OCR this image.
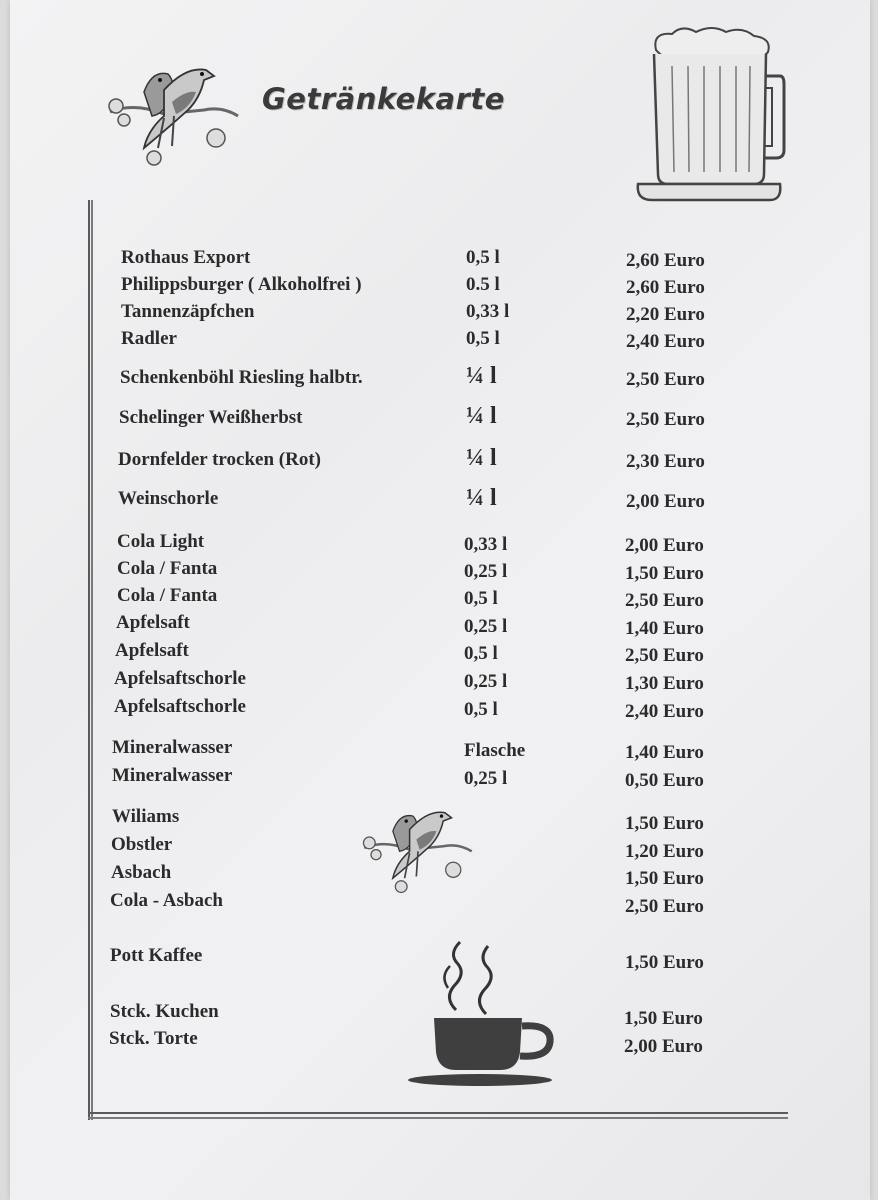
Getränkekarte
Rothaus Export	0,5 l	2,60 Euro
Philippsburger ( Alkoholfrei )	0.5 l	2,60 Euro
Tannenzäpfchen	0,33 l	2,20 Euro
Radler	0,5 l	2,40 Euro
Schenkenböhl Riesling halbtr.	¼ l	2,50 Euro
Schelinger Weißherbst	¼ l	2,50 Euro
Dornfelder trocken (Rot)	¼ l	2,30 Euro
Weinschorle	¼ l	2,00 Euro
Cola Light	0,33 l	2,00 Euro
Cola / Fanta	0,25 l	1,50 Euro
Cola / Fanta	0,5 l	2,50 Euro
Apfelsaft	0,25 l	1,40 Euro
Apfelsaft	0,5 l	2,50 Euro
Apfelsaftschorle	0,25 l	1,30 Euro
Apfelsaftschorle	0,5 l	2,40 Euro
Mineralwasser	Flasche	1,40 Euro
Mineralwasser	0,25 l	0,50 Euro
Wiliams	1,50 Euro
Obstler	1,20 Euro
Asbach	1,50 Euro
Cola - Asbach	2,50 Euro
Pott Kaffee	1,50 Euro
Stck. Kuchen	1,50 Euro
Stck. Torte	2,00 Euro
